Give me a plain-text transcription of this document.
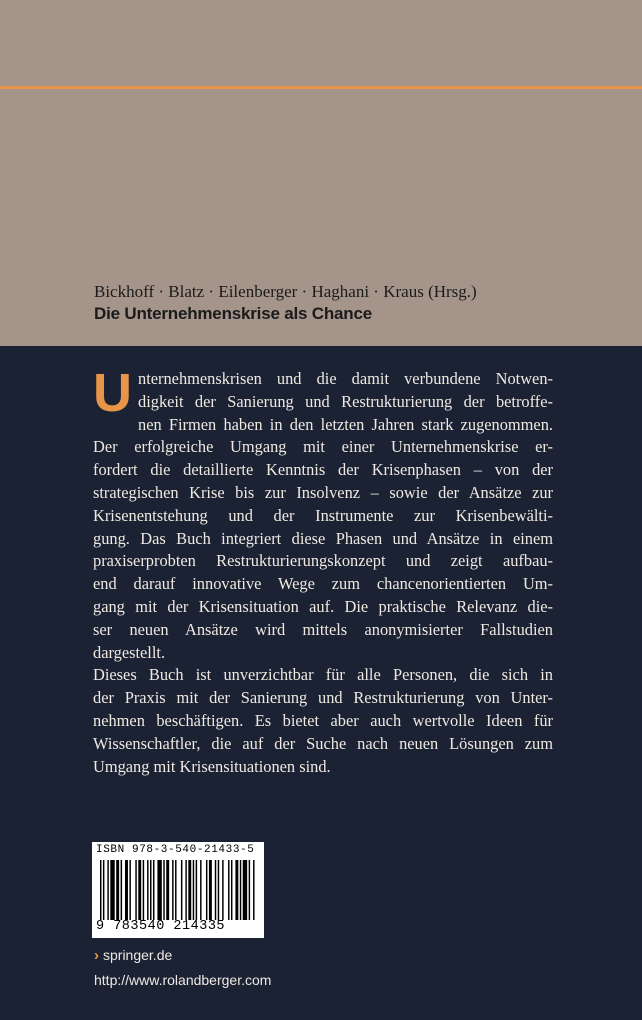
Bickhoff · Blatz · Eilenberger · Haghani · Kraus (Hrsg.)
Die Unternehmenskrise als Chance

U nternehmenskrisen und die damit verbundene Notwen-
digkeit der Sanierung und Restrukturierung der betroffe-
nen Firmen haben in den letzten Jahren stark zugenommen.
Der erfolgreiche Umgang mit einer Unternehmenskrise er-
fordert die detaillierte Kenntnis der Krisenphasen – von der
strategischen Krise bis zur Insolvenz – sowie der Ansätze zur
Krisenentstehung und der Instrumente zur Krisenbewälti-
gung. Das Buch integriert diese Phasen und Ansätze in einem
praxiserprobten Restrukturierungskonzept und zeigt aufbau-
end darauf innovative Wege zum chancenorientierten Um-
gang mit der Krisensituation auf. Die praktische Relevanz die-
ser neuen Ansätze wird mittels anonymisierter Fallstudien
dargestellt.

Dieses Buch ist unverzichtbar für alle Personen, die sich in
der Praxis mit der Sanierung und Restrukturierung von Unter-
nehmen beschäftigen. Es bietet aber auch wertvolle Ideen für
Wissenschaftler, die auf der Suche nach neuen Lösungen zum
Umgang mit Krisensituationen sind.

ISBN 978-3-540-21433-5
9 783540 214335
› springer.de
http://www.rolandberger.com
